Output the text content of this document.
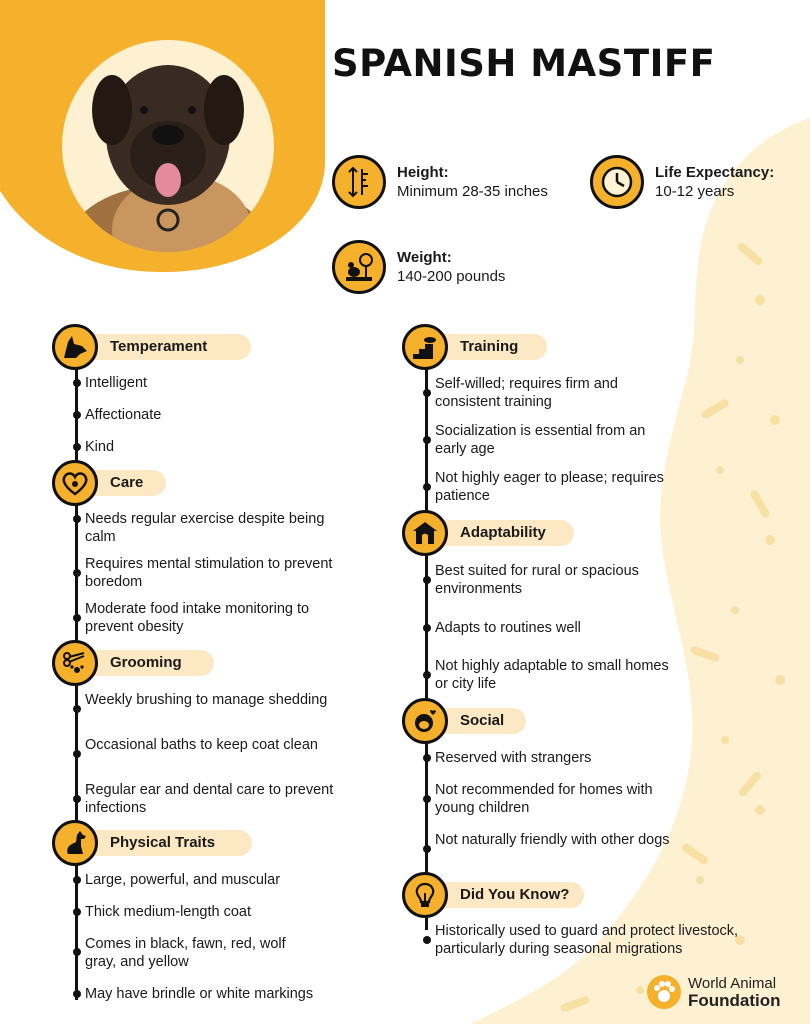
SPANISH MASTIFF
Height:
Minimum 28-35 inches
Life Expectancy:
10-12 years
Weight:
140-200 pounds
Temperament
Intelligent
Affectionate
Kind
Care
Needs regular exercise despite being calm
Requires mental stimulation to prevent boredom
Moderate food intake monitoring to prevent obesity
Grooming
Weekly brushing to manage shedding
Occasional baths to keep coat clean
Regular ear and dental care to prevent infections
Physical Traits
Large, powerful, and muscular
Thick medium-length coat
Comes in black, fawn, red, wolf gray, and yellow
May have brindle or white markings
Training
Self-willed; requires firm and consistent training
Socialization is essential from an early age
Not highly eager to please; requires patience
Adaptability
Best suited for rural or spacious environments
Adapts to routines well
Not highly adaptable to small homes or city life
Social
Reserved with strangers
Not recommended for homes with young children
Not naturally friendly with other dogs
Did You Know?
Historically used to guard and protect livestock, particularly during seasonal migrations
World Animal
Foundation
